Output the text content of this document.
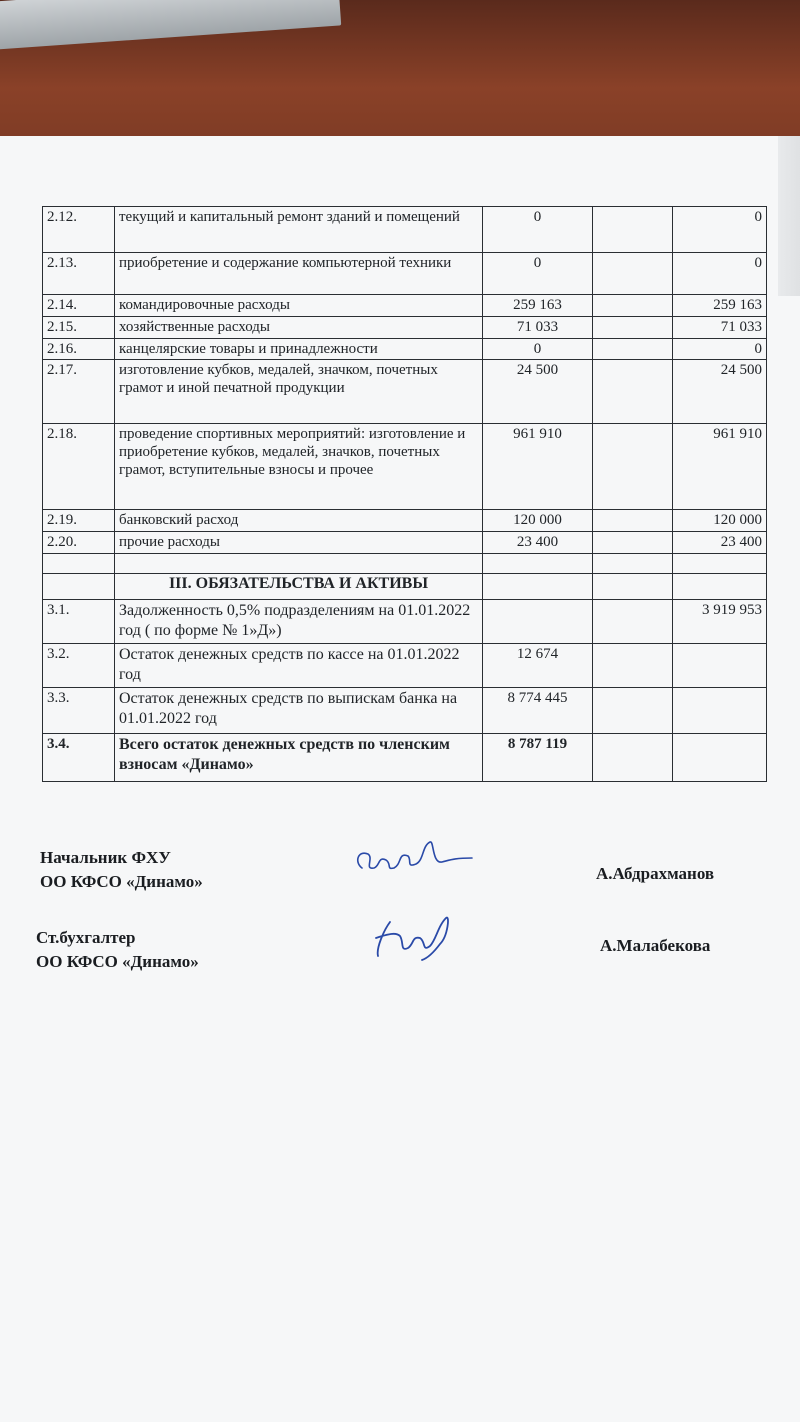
2.12.	текущий и капитальный ремонт зданий и помещений	0		0
2.13.	приобретение и содержание компьютерной техники	0		0
2.14.	командировочные расходы	259 163		259 163
2.15.	хозяйственные расходы	71 033		71 033
2.16.	канцелярские товары и принадлежности	0		0
2.17.	изготовление кубков, медалей, значком, почетных грамот и иной печатной продукции	24 500		24 500
2.18.	проведение спортивных мероприятий: изготовление и приобретение кубков, медалей, значков, почетных грамот, вступительные взносы и прочее	961 910		961 910
2.19.	банковский расход	120 000		120 000
2.20.	прочие расходы	23 400		23 400

	III. ОБЯЗАТЕЛЬСТВА И АКТИВЫ			
3.1.	Задолженность 0,5% подразделениям на 01.01.2022 год ( по форме № 1»Д»)			3 919 953
3.2.	Остаток денежных средств по кассе на 01.01.2022 год	12 674		
3.3.	Остаток денежных средств по выпискам банка на 01.01.2022 год	8 774 445		
3.4.	Всего остаток денежных средств по членским взносам «Динамо»	8 787 119		
Начальник ФХУ
ОО КФСО «Динамо»	А.Абдрахманов
Ст.бухгалтер
ОО КФСО «Динамо»
А.Малабекова
